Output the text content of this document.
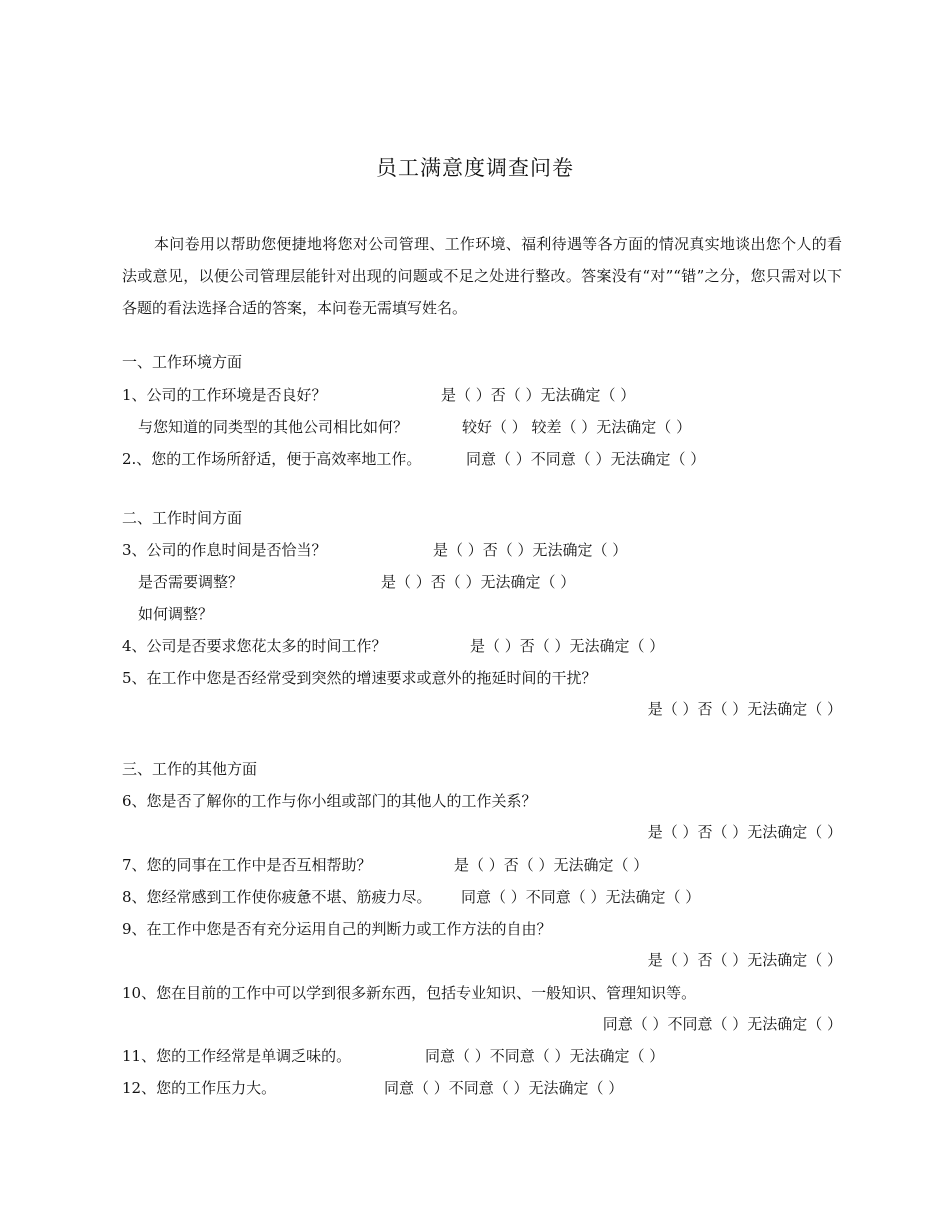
员工满意度调查问卷
本问卷用以帮助您便捷地将您对公司管理、工作环境、福利待遇等各方面的情况真实地谈出您个人的看法或意见，以便公司管理层能针对出现的问题或不足之处进行整改。答案没有“对”“错”之分，您只需对以下各题的看法选择合适的答案，本问卷无需填写姓名。
一、工作环境方面
1、公司的工作环境是否良好？	是（ ）否（ ）无法确定（ ）
与您知道的同类型的其他公司相比如何？	较好（ ） 较差（ ）无法确定（ ）
2.、您的工作场所舒适，便于高效率地工作。	同意（ ）不同意（ ）无法确定（ ）
二、工作时间方面
3、公司的作息时间是否恰当？	是（ ）否（ ）无法确定（ ）
是否需要调整？	是（ ）否（ ）无法确定（ ）
如何调整？
4、公司是否要求您花太多的时间工作？	是（ ）否（ ）无法确定（ ）
5、在工作中您是否经常受到突然的增速要求或意外的拖延时间的干扰？
是（ ）否（ ）无法确定（ ）
三、工作的其他方面
6、您是否了解你的工作与你小组或部门的其他人的工作关系？
是（ ）否（ ）无法确定（ ）
7、您的同事在工作中是否互相帮助？	是（ ）否（ ）无法确定（ ）
8、您经常感到工作使你疲惫不堪、筋疲力尽。 同意（ ）不同意（ ）无法确定（ ）
9、在工作中您是否有充分运用自己的判断力或工作方法的自由？
是（ ）否（ ）无法确定（ ）
10、您在目前的工作中可以学到很多新东西，包括专业知识、一般知识、管理知识等。
同意（ ）不同意（ ）无法确定（ ）
11、您的工作经常是单调乏味的。	同意（ ）不同意（ ）无法确定（ ）
12、您的工作压力大。	同意（ ）不同意（ ）无法确定（ ）
